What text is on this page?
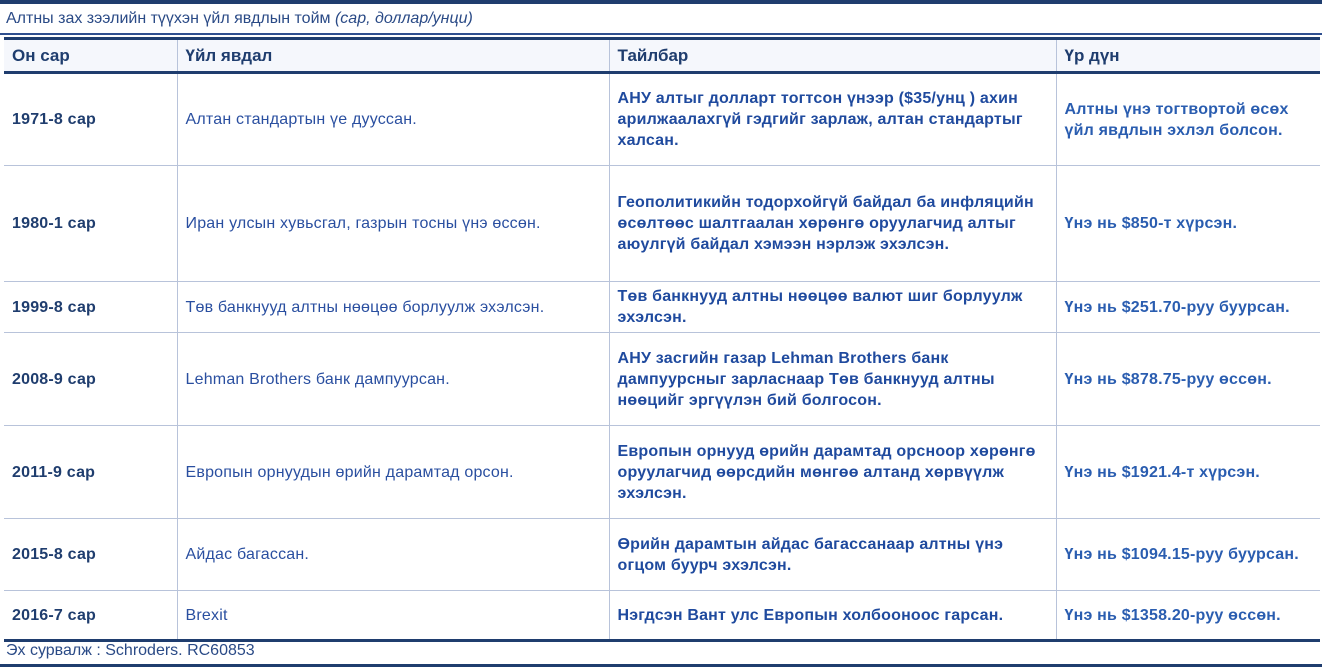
Алтны зах зээлийн түүхэн үйл явдлын тойм (сар, доллар/унци)
Он сар	Үйл явдал	Тайлбар	Үр дүн
1971-8 сар	Алтан стандартын үе дууссан.	АНУ алтыг долларт тогтсон үнээр ($35/унц ) ахин арилжаалахгүй гэдгийг зарлаж, алтан стандартыг халсан.	Алтны үнэ тогтвортой өсөх үйл явдлын эхлэл болсон.
1980-1 сар	Иран улсын хувьсгал, газрын тосны үнэ өссөн.	Геополитикийн тодорхойгүй байдал ба инфляцийн өсөлтөөс шалтгаалан хөрөнгө оруулагчид алтыг аюулгүй байдал хэмээн нэрлэж эхэлсэн.	Үнэ нь $850-т хүрсэн.
1999-8 сар	Төв банкнууд алтны нөөцөө борлуулж эхэлсэн.	Төв банкнууд алтны нөөцөө валют шиг борлуулж эхэлсэн.	Үнэ нь $251.70-руу буурсан.
2008-9 сар	Lehman Brothers банк дампуурсан.	АНУ засгийн газар Lehman Brothers банк дампуурсныг зарласнаар Төв банкнууд алтны нөөцийг эргүүлэн бий болгосон.	Үнэ нь $878.75-руу өссөн.
2011-9 сар	Европын орнуудын өрийн дарамтад орсон.	Европын орнууд өрийн дарамтад орсноор хөрөнгө оруулагчид өөрсдийн мөнгөө алтанд хөрвүүлж эхэлсэн.	Үнэ нь $1921.4-т хүрсэн.
2015-8 сар	Айдас багассан.	Өрийн дарамтын айдас багассанаар алтны үнэ огцом буурч эхэлсэн.	Үнэ нь $1094.15-руу буурсан.
2016-7 сар	Brexit	Нэгдсэн Вант улс Европын холбооноос гарсан.	Үнэ нь $1358.20-руу өссөн.
Эх сурвалж : Schroders. RC60853
